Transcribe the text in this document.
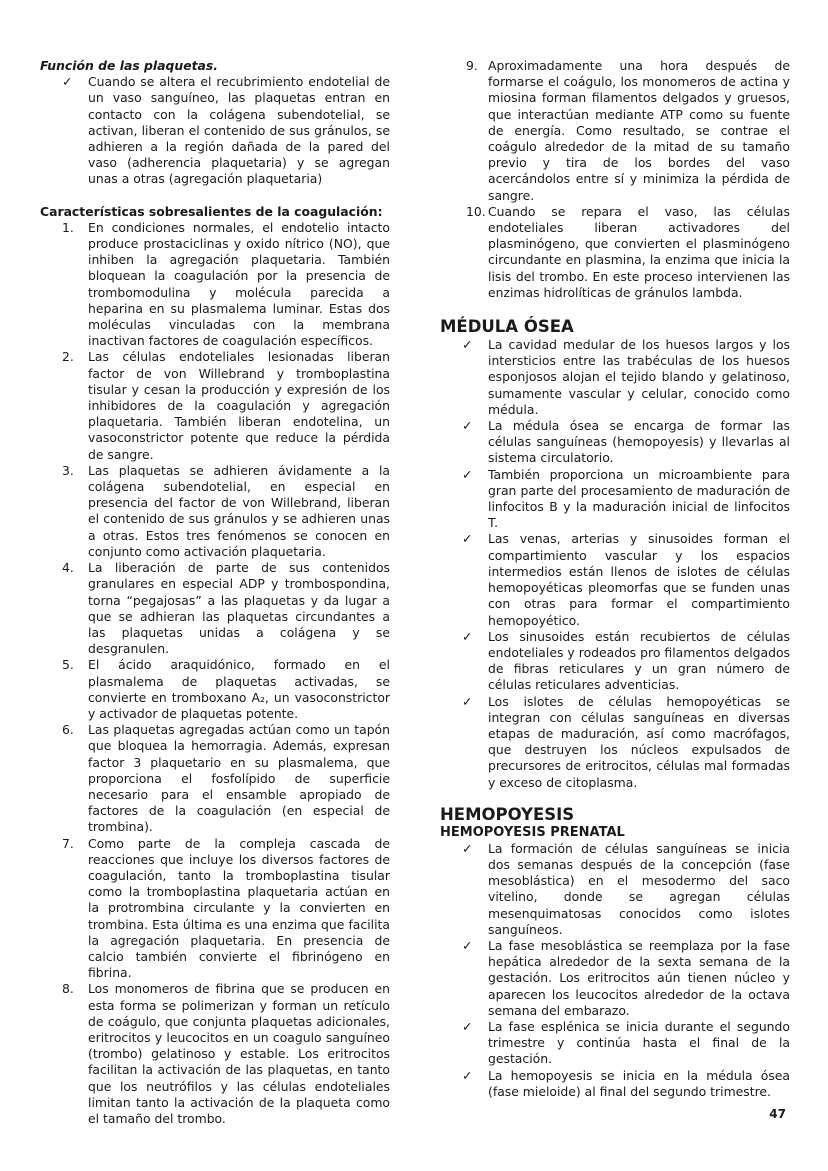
Función de las plaquetas.

✓ Cuando se altera el recubrimiento endotelial de un vaso sanguíneo, las plaquetas entran en contacto con la colágena subendotelial, se activan, liberan el contenido de sus gránulos, se adhieren a la región dañada de la pared del vaso (adherencia plaquetaria) y se agregan unas a otras (agregación plaquetaria)

Características sobresalientes de la coagulación:

1. En condiciones normales, el endotelio intacto produce prostaciclinas y oxido nítrico (NO), que inhiben la agregación plaquetaria. También bloquean la coagulación por la presencia de trombomodulina y molécula parecida a heparina en su plasmalema luminar. Estas dos moléculas vinculadas con la membrana inactivan factores de coagulación específicos.
2. Las células endoteliales lesionadas liberan factor de von Willebrand y tromboplastina tisular y cesan la producción y expresión de los inhibidores de la coagulación y agregación plaquetaria. También liberan endotelina, un vasoconstrictor potente que reduce la pérdida de sangre.
3. Las plaquetas se adhieren ávidamente a la colágena subendotelial, en especial en presencia del factor de von Willebrand, liberan el contenido de sus gránulos y se adhieren unas a otras. Estos tres fenómenos se conocen en conjunto como activación plaquetaria.
4. La liberación de parte de sus contenidos granulares en especial ADP y trombospondina, torna “pegajosas” a las plaquetas y da lugar a que se adhieran las plaquetas circundantes a las plaquetas unidas a colágena y se desgranulen.
5. El ácido araquidónico, formado en el plasmalema de plaquetas activadas, se convierte en tromboxano A₂, un vasoconstrictor y activador de plaquetas potente.
6. Las plaquetas agregadas actúan como un tapón que bloquea la hemorragia. Además, expresan factor 3 plaquetario en su plasmalema, que proporciona el fosfolípido de superficie necesario para el ensamble apropiado de factores de la coagulación (en especial de trombina).
7. Como parte de la compleja cascada de reacciones que incluye los diversos factores de coagulación, tanto la tromboplastina tisular como la tromboplastina plaquetaria actúan en la protrombina circulante y la convierten en trombina. Esta última es una enzima que facilita la agregación plaquetaria. En presencia de calcio también convierte el fibrinógeno en fibrina.
8. Los monomeros de fibrina que se producen en esta forma se polimerizan y forman un retículo de coágulo, que conjunta plaquetas adicionales, eritrocitos y leucocitos en un coagulo sanguíneo (trombo) gelatinoso y estable. Los eritrocitos facilitan la activación de las plaquetas, en tanto que los neutrófilos y las células endoteliales limitan tanto la activación de la plaqueta como el tamaño del trombo.
9. Aproximadamente una hora después de formarse el coágulo, los monomeros de actina y miosina forman filamentos delgados y gruesos, que interactúan mediante ATP como su fuente de energía. Como resultado, se contrae el coágulo alrededor de la mitad de su tamaño previo y tira de los bordes del vaso acercándolos entre sí y minimiza la pérdida de sangre.
10. Cuando se repara el vaso, las células endoteliales liberan activadores del plasminógeno, que convierten el plasminógeno circundante en plasmina, la enzima que inicia la lisis del trombo. En este proceso intervienen las enzimas hidrolíticas de gránulos lambda.

MÉDULA ÓSEA

✓ La cavidad medular de los huesos largos y los intersticios entre las trabéculas de los huesos esponjosos alojan el tejido blando y gelatinoso, sumamente vascular y celular, conocido como médula.
✓ La médula ósea se encarga de formar las células sanguíneas (hemopoyesis) y llevarlas al sistema circulatorio.
✓ También proporciona un microambiente para gran parte del procesamiento de maduración de linfocitos B y la maduración inicial de linfocitos T.
✓ Las venas, arterias y sinusoides forman el compartimiento vascular y los espacios intermedios están llenos de islotes de células hemopoyéticas pleomorfas que se funden unas con otras para formar el compartimiento hemopoyético.
✓ Los sinusoides están recubiertos de células endoteliales y rodeados pro filamentos delgados de fibras reticulares y un gran número de células reticulares adventicias.
✓ Los islotes de células hemopoyéticas se integran con células sanguíneas en diversas etapas de maduración, así como macrófagos, que destruyen los núcleos expulsados de precursores de eritrocitos, células mal formadas y exceso de citoplasma.

HEMOPOYESIS

HEMOPOYESIS PRENATAL

✓ La formación de células sanguíneas se inicia dos semanas después de la concepción (fase mesoblástica) en el mesodermo del saco vitelino, donde se agregan células mesenquimatosas conocidos como islotes sanguíneos.
✓ La fase mesoblástica se reemplaza por la fase hepática alrededor de la sexta semana de la gestación. Los eritrocitos aún tienen núcleo y aparecen los leucocitos alrededor de la octava semana del embarazo.
✓ La fase esplénica se inicia durante el segundo trimestre y continúa hasta el final de la gestación.
✓ La hemopoyesis se inicia en la médula ósea (fase mieloide) al final del segundo trimestre.
47
